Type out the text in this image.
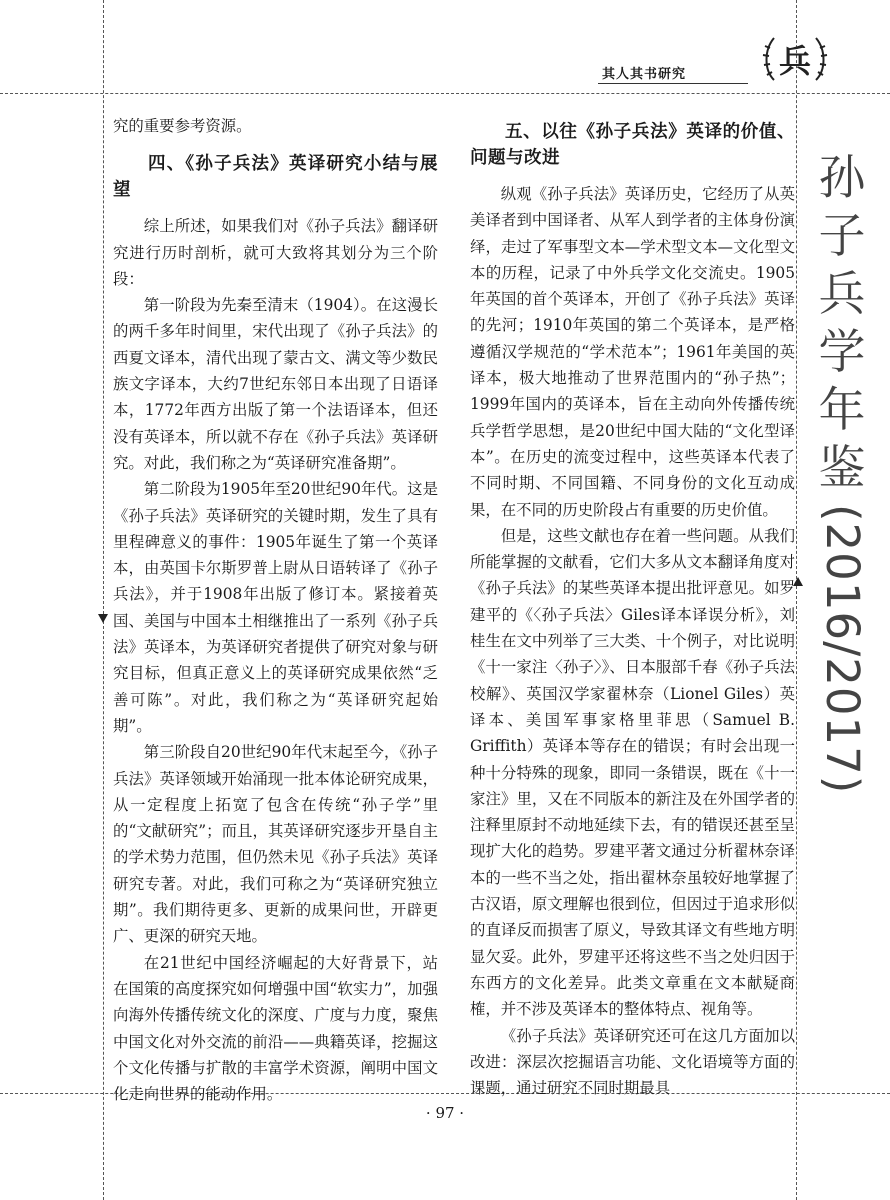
其人其书研究	兵

究的重要参考资源。

四、《孙子兵法》英译研究小结与展望

综上所述，如果我们对《孙子兵法》翻译研究进行历时剖析，就可大致将其划分为三个阶段：

第一阶段为先秦至清末（1904）。在这漫长的两千多年时间里，宋代出现了《孙子兵法》的西夏文译本，清代出现了蒙古文、满文等少数民族文字译本，大约7世纪东邻日本出现了日语译本，1772年西方出版了第一个法语译本，但还没有英译本，所以就不存在《孙子兵法》英译研究。对此，我们称之为“英译研究准备期”。

第二阶段为1905年至20世纪90年代。这是《孙子兵法》英译研究的关键时期，发生了具有里程碑意义的事件：1905年诞生了第一个英译本，由英国卡尔斯罗普上尉从日语转译了《孙子兵法》，并于1908年出版了修订本。紧接着英国、美国与中国本土相继推出了一系列《孙子兵法》英译本，为英译研究者提供了研究对象与研究目标，但真正意义上的英译研究成果依然“乏善可陈”。对此，我们称之为“英译研究起始期”。

第三阶段自20世纪90年代末起至今，《孙子兵法》英译领域开始涌现一批本体论研究成果，从一定程度上拓宽了包含在传统“孙子学”里的“文献研究”；而且，其英译研究逐步开垦自主的学术势力范围，但仍然未见《孙子兵法》英译研究专著。对此，我们可称之为“英译研究独立期”。我们期待更多、更新的成果问世，开辟更广、更深的研究天地。

在21世纪中国经济崛起的大好背景下，站在国策的高度探究如何增强中国“软实力”，加强向海外传播传统文化的深度、广度与力度，聚焦中国文化对外交流的前沿——典籍英译，挖掘这个文化传播与扩散的丰富学术资源，阐明中国文化走向世界的能动作用。

五、以往《孙子兵法》英译的价值、问题与改进

纵观《孙子兵法》英译历史，它经历了从英美译者到中国译者、从军人到学者的主体身份演绎，走过了军事型文本—学术型文本—文化型文本的历程，记录了中外兵学文化交流史。1905年英国的首个英译本，开创了《孙子兵法》英译的先河；1910年英国的第二个英译本，是严格遵循汉学规范的“学术范本”；1961年美国的英译本，极大地推动了世界范围内的“孙子热”；1999年国内的英译本，旨在主动向外传播传统兵学哲学思想，是20世纪中国大陆的“文化型译本”。在历史的流变过程中，这些英译本代表了不同时期、不同国籍、不同身份的文化互动成果，在不同的历史阶段占有重要的历史价值。

但是，这些文献也存在着一些问题。从我们所能掌握的文献看，它们大多从文本翻译角度对《孙子兵法》的某些英译本提出批评意见。如罗建平的《〈孙子兵法〉Giles译本译误分析》，刘桂生在文中列举了三大类、十个例子，对比说明《十一家注〈孙子〉》、日本服部千春《孙子兵法校解》、英国汉学家翟林奈（Lionel Giles）英译本、美国军事家格里菲思（Samuel B. Griffith）英译本等存在的错误；有时会出现一种十分特殊的现象，即同一条错误，既在《十一家注》里，又在不同版本的新注及在外国学者的注释里原封不动地延续下去，有的错误还甚至呈现扩大化的趋势。罗建平著文通过分析翟林奈译本的一些不当之处，指出翟林奈虽较好地掌握了古汉语，原文理解也很到位，但因过于追求形似的直译反而损害了原义，导致其译文有些地方明显欠妥。此外，罗建平还将这些不当之处归因于东西方的文化差异。此类文章重在文本献疑商榷，并不涉及英译本的整体特点、视角等。

《孙子兵法》英译研究还可在这几方面加以改进：深层次挖掘语言功能、文化语境等方面的课题，通过研究不同时期最具

孙
子
兵
学
年
鉴
(2016/2017)
· 97 ·
